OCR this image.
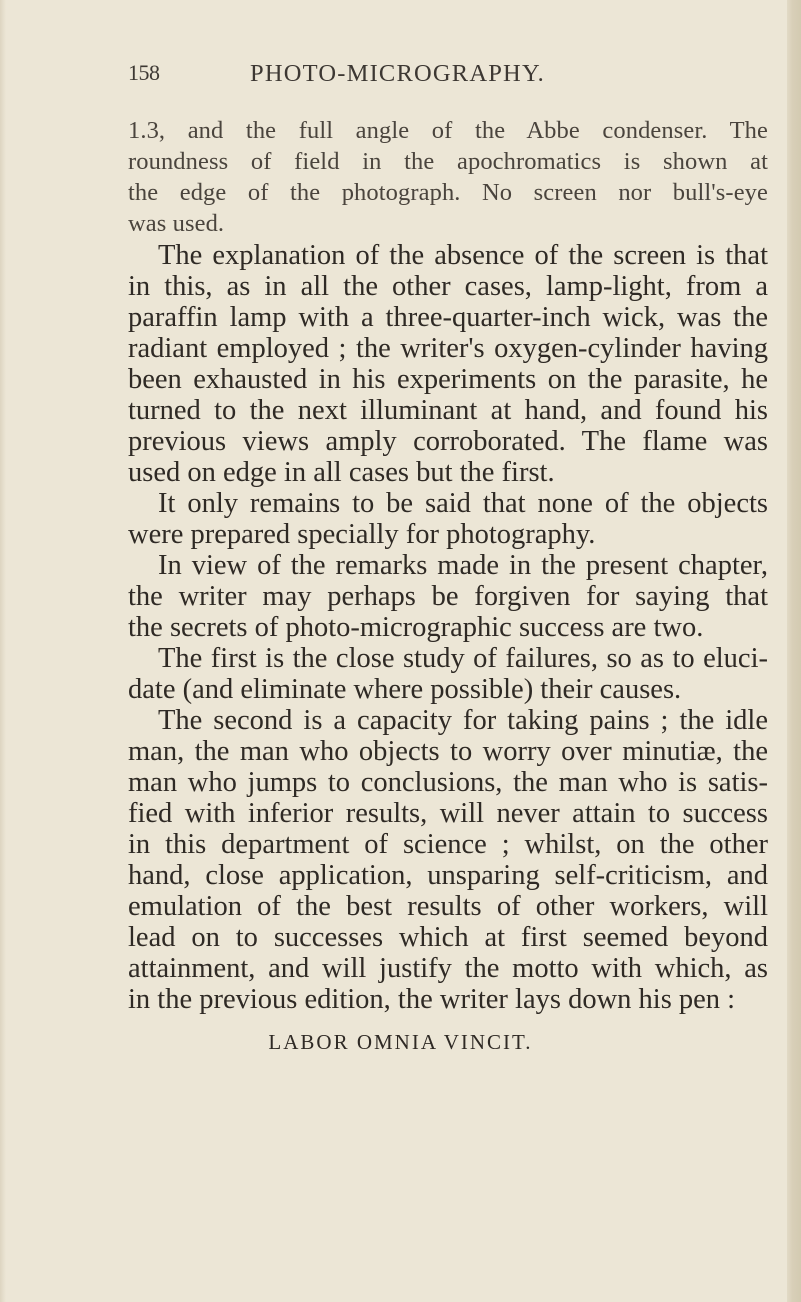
158	PHOTO-MICROGRAPHY.
1.3, and the full angle of the Abbe condenser. The
roundness of field in the apochromatics is shown at
the edge of the photograph. No screen nor bull's-eye
was used.
The explanation of the absence of the screen is that
in this, as in all the other cases, lamp-light, from a
paraffin lamp with a three-quarter-inch wick, was the
radiant employed ; the writer's oxygen-cylinder having
been exhausted in his experiments on the parasite, he
turned to the next illuminant at hand, and found his
previous views amply corroborated. The flame was
used on edge in all cases but the first.
It only remains to be said that none of the objects
were prepared specially for photography.
In view of the remarks made in the present chapter,
the writer may perhaps be forgiven for saying that
the secrets of photo-micrographic success are two.
The first is the close study of failures, so as to eluci-
date (and eliminate where possible) their causes.
The second is a capacity for taking pains ; the idle
man, the man who objects to worry over minutiæ, the
man who jumps to conclusions, the man who is satis-
fied with inferior results, will never attain to success
in this department of science ; whilst, on the other
hand, close application, unsparing self-criticism, and
emulation of the best results of other workers, will
lead on to successes which at first seemed beyond
attainment, and will justify the motto with which, as
in the previous edition, the writer lays down his pen :
LABOR OMNIA VINCIT.
